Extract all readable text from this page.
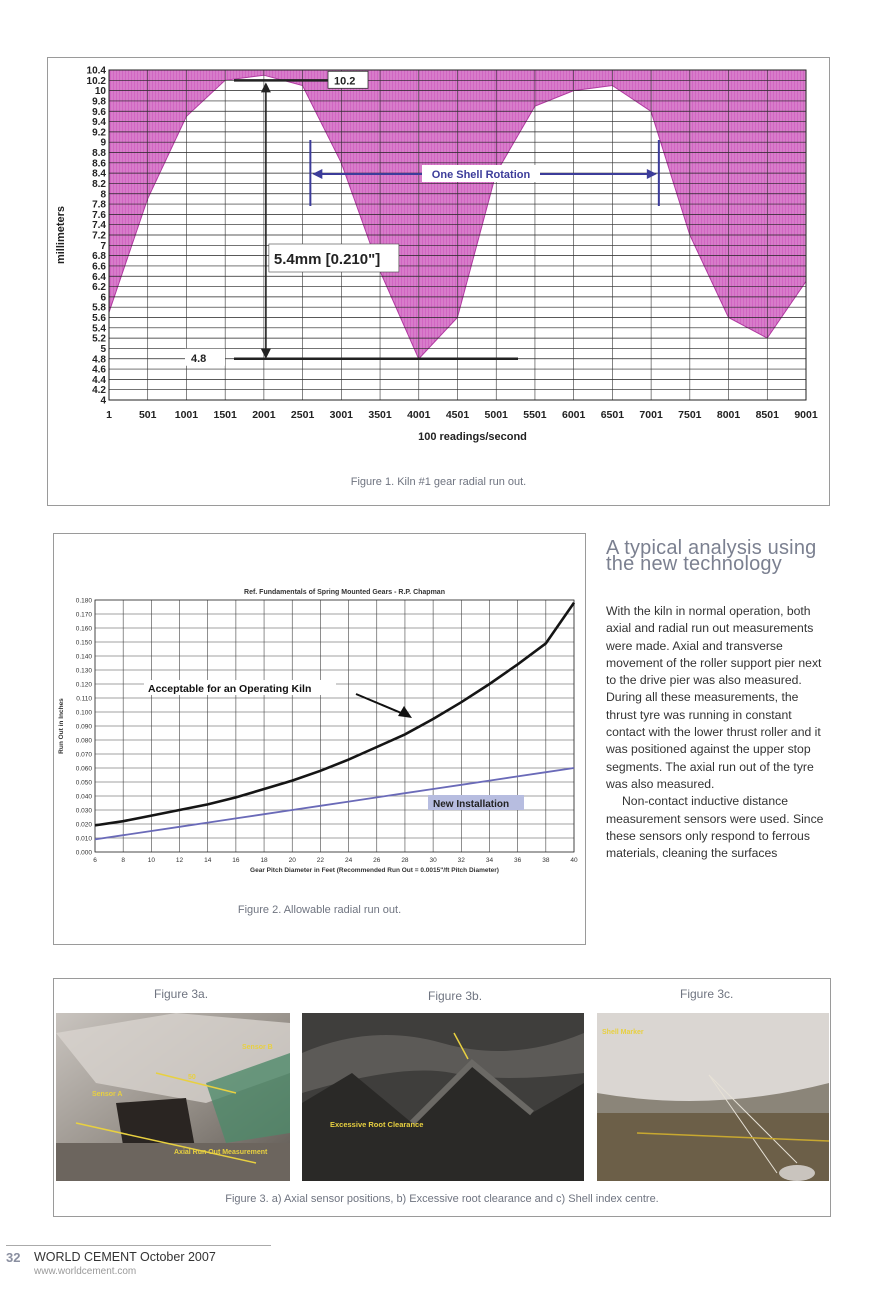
4
4.2
4.4
4.6
4.8
5
5.2
5.4
5.6
5.8
6
6.2
6.4
6.6
6.8
7
7.2
7.4
7.6
7.8
8
8.2
8.4
8.6
8.8
9
9.2
9.4
9.6
9.8
10
10.2
10.4
1	501 1001 1501 2001 2501 3001 3501 4001 4501 5001 5501 6001 6501 7001 7501 8001 8501 9001
millimeters
100 readings/second
10.2
4.8
5.4mm [0.210"]
One Shell Rotation
Figure 1. Kiln #1 gear radial run out.
Ref. Fundamentals of Spring Mounted Gears - R.P. Chapman
0.000
0.010
0.020
0.030
0.040
0.050
0.060
0.070
0.080
0.090
0.100
0.110
0.120
0.130
0.140
0.150
0.160
0.170
0.180
6	8	10	12	14	16	18	20	22	24	26	28	30	32	34	36	38	40
Run Out in Inches
Gear Pitch Diameter in Feet (Recommended Run Out = 0.0015"/ft Pitch Diameter)
Acceptable for an Operating Kiln
New Installation
Figure 2. Allowable radial run out.
A typical analysis using the new technology

With the kiln in normal operation, both axial and radial run out measurements were made. Axial and transverse movement of the roller support pier next to the drive pier was also measured. During all these measurements, the thrust tyre was running in constant contact with the lower thrust roller and it was positioned against the upper stop segments. The axial run out of the tyre was also measured.

Non-contact inductive distance measurement sensors were used. Since these sensors only respond to ferrous materials, cleaning the surfaces

Figure 3a.	Figure 3b.	Figure 3c.
Sensor B
Sensor A
50
Axial Run Out Measurement
Excessive Root Clearance
Shell Marker
Figure 3. a) Axial sensor positions, b) Excessive root clearance and c) Shell index centre.
32 WORLD CEMENT October 2007
www.worldcement.com
